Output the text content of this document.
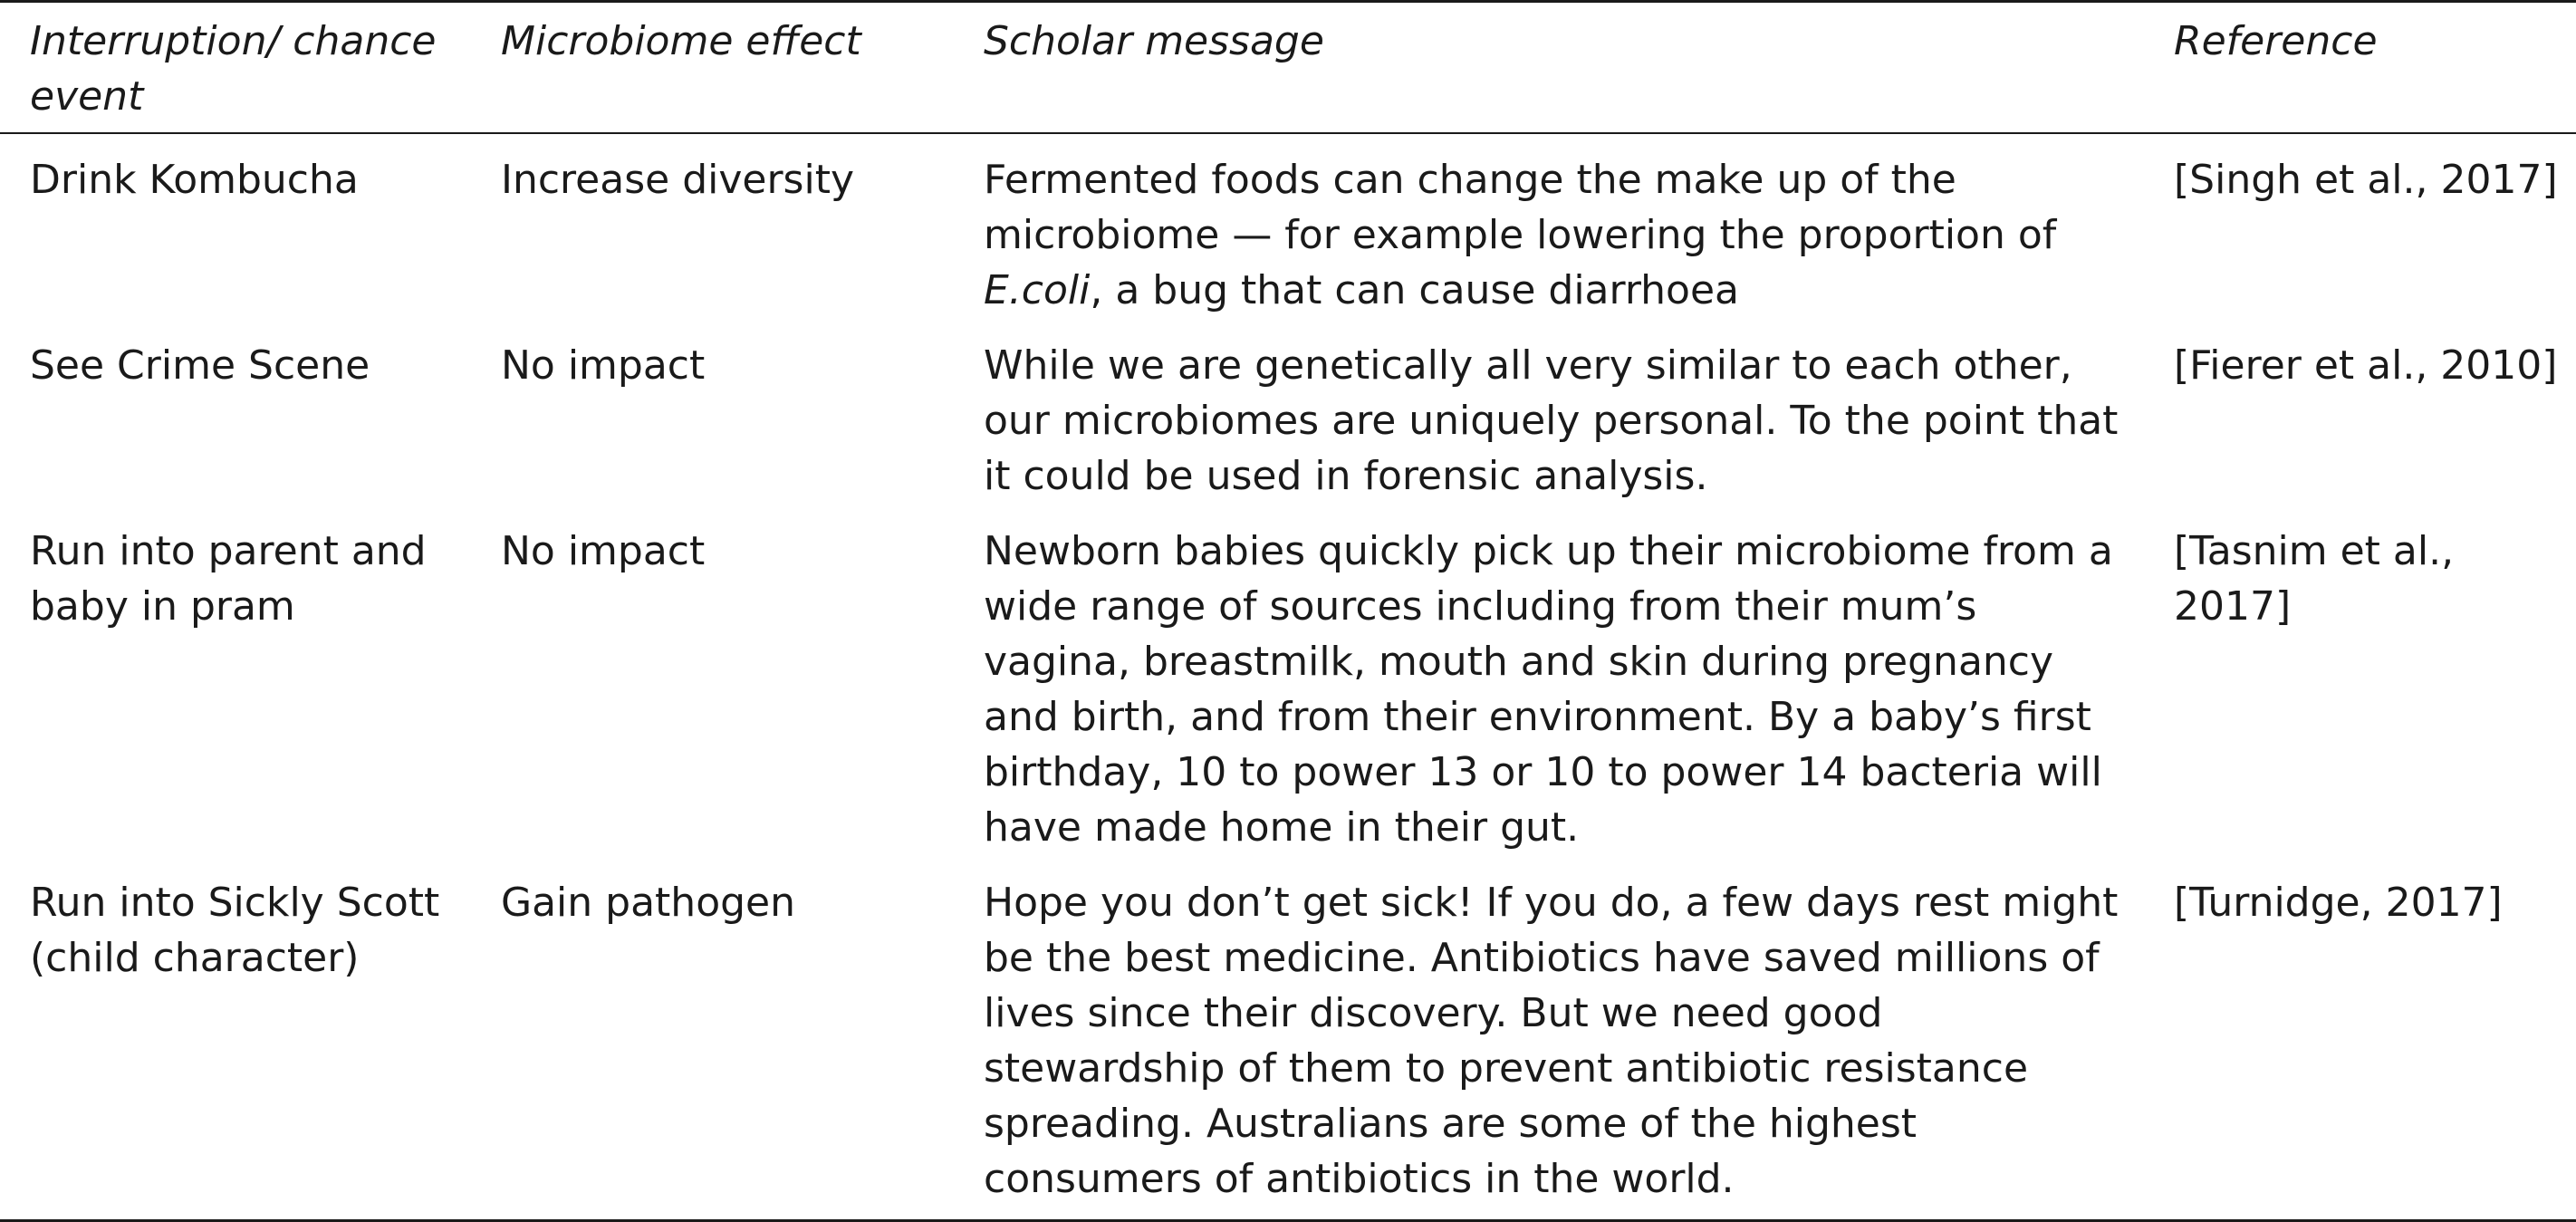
Interruption/ chance event	Microbiome effect	Scholar message	Reference
Drink Kombucha	Increase diversity	Fermented foods can change the make up of the microbiome — for example lowering the proportion of E.coli, a bug that can cause diarrhoea	[Singh et al., 2017]
See Crime Scene	No impact	While we are genetically all very similar to each other, our microbiomes are uniquely personal. To the point that it could be used in forensic analysis.	[Fierer et al., 2010]
Run into parent and baby in pram	No impact	Newborn babies quickly pick up their microbiome from a wide range of sources including from their mum’s vagina, breastmilk, mouth and skin during pregnancy and birth, and from their environment. By a baby’s first birthday, 10 to power 13 or 10 to power 14 bacteria will have made home in their gut.	[Tasnim et al., 2017]
Run into Sickly Scott (child character)	Gain pathogen	Hope you don’t get sick! If you do, a few days rest might be the best medicine. Antibiotics have saved millions of lives since their discovery. But we need good stewardship of them to prevent antibiotic resistance spreading. Australians are some of the highest consumers of antibiotics in the world.	[Turnidge, 2017]
